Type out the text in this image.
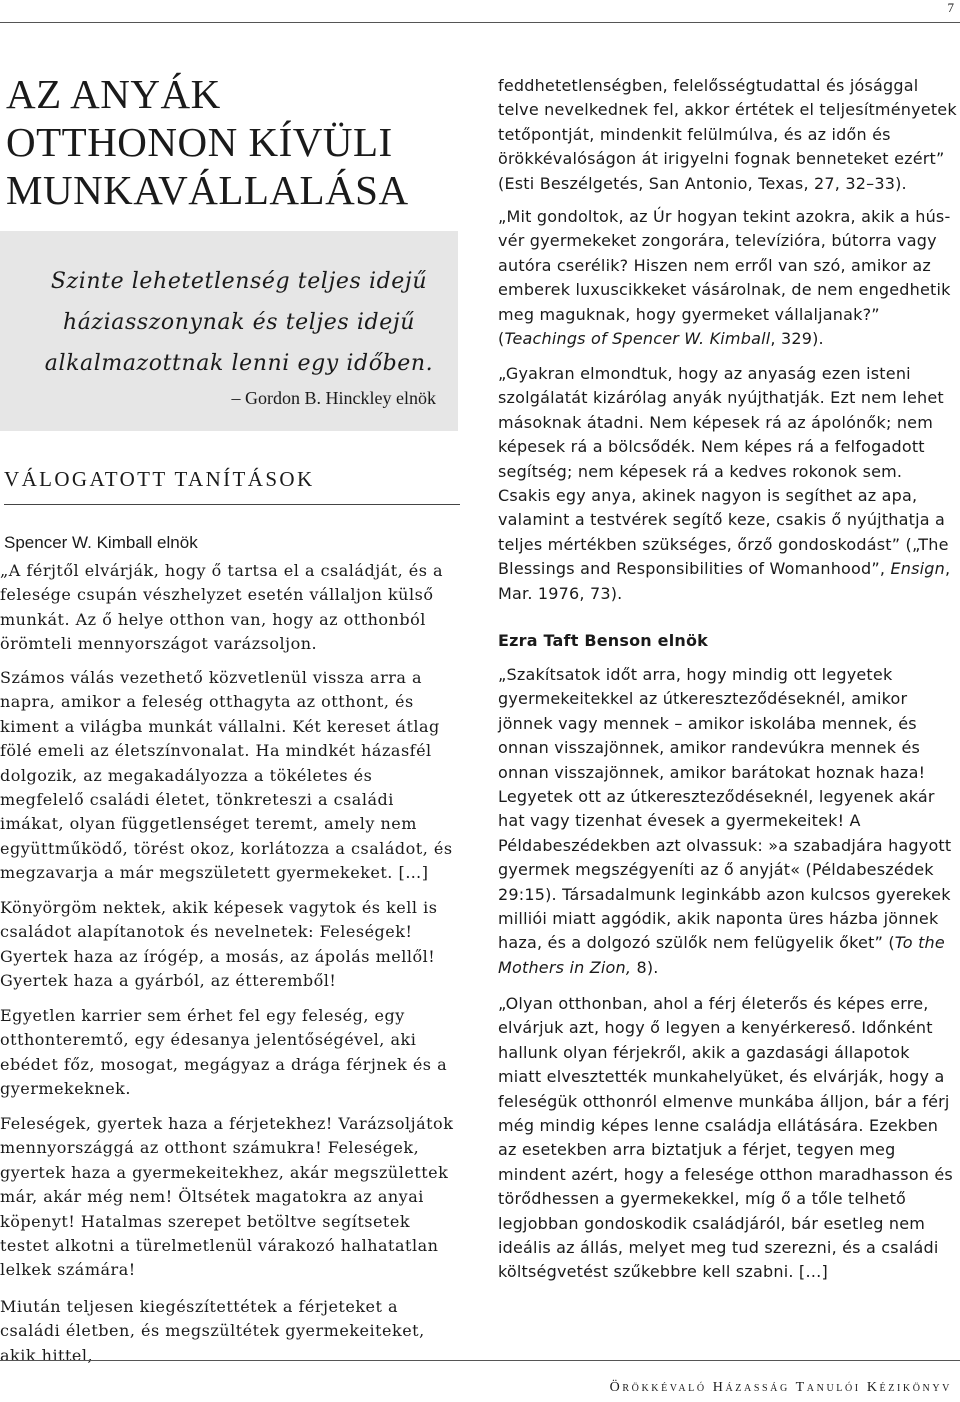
7
AZ ANYÁK OTTHONON KÍVÜLI MUNKAVÁLLALÁSA

Szinte lehetetlenség teljes idejű háziasszonynak és teljes idejű alkalmazottnak lenni egy időben.

– Gordon B. Hinckley elnök

VÁLOGATOTT TANÍTÁSOK

Spencer W. Kimball elnök

„A férjtől elvárják, hogy ő tartsa el a családját, és a felesége csupán vészhelyzet esetén vállaljon külső munkát. Az ő helye otthon van, hogy az otthonból örömteli mennyországot varázsoljon.

Számos válás vezethető közvetlenül vissza arra a napra, amikor a feleség otthagyta az otthont, és kiment a világba munkát vállalni. Két kereset átlag fölé emeli az életszínvonalat. Ha mindkét házasfél dolgozik, az megakadályozza a tökéletes és megfelelő családi életet, tönkreteszi a családi imákat, olyan függetlenséget teremt, amely nem együttműködő, törést okoz, korlátozza a családot, és megzavarja a már megszületett gyermekeket. […]

Könyörgöm nektek, akik képesek vagytok és kell is családot alapítanotok és nevelnetek: Feleségek! Gyertek haza az írógép, a mosás, az ápolás mellől! Gyertek haza a gyárból, az étteremből!

Egyetlen karrier sem érhet fel egy feleség, egy otthonteremtő, egy édesanya jelentőségével, aki ebédet főz, mosogat, megágyaz a drága férjnek és a gyermekeknek.

Feleségek, gyertek haza a férjetekhez! Varázsoljátok mennyországgá az otthont számukra! Feleségek, gyertek haza a gyermekeitekhez, akár megszülettek már, akár még nem! Öltsétek magatokra az anyai köpenyt! Hatalmas szerepet betöltve segítsetek testet alkotni a türelmetlenül várakozó halhatatlan lelkek számára!

Miután teljesen kiegészítettétek a férjeteket a családi életben, és megszültétek gyermekeiteket, akik hittel,

feddhetetlenségben, felelősségtudattal és jósággal telve nevelkednek fel, akkor értétek el teljesítményetek tetőpontját, mindenkit felülmúlva, és az időn és örökkévalóságon át irigyelni fognak benneteket ezért” (Esti Beszélgetés, San Antonio, Texas, 27, 32–33).

„Mit gondoltok, az Úr hogyan tekint azokra, akik a hús-vér gyermekeket zongorára, televízióra, bútorra vagy autóra cserélik? Hiszen nem erről van szó, amikor az emberek luxuscikkeket vásárolnak, de nem engedhetik meg maguknak, hogy gyermeket vállaljanak?” (Teachings of Spencer W. Kimball, 329).

„Gyakran elmondtuk, hogy az anyaság ezen isteni szolgálatát kizárólag anyák nyújthatják. Ezt nem lehet másoknak átadni. Nem képesek rá az ápolónők; nem képesek rá a bölcsődék. Nem képes rá a felfogadott segítség; nem képesek rá a kedves rokonok sem. Csakis egy anya, akinek nagyon is segíthet az apa, valamint a testvérek segítő keze, csakis ő nyújthatja a teljes mértékben szükséges, őrző gondoskodást” („The Blessings and Responsibilities of Womanhood”, Ensign, Mar. 1976, 73).

Ezra Taft Benson elnök

„Szakítsatok időt arra, hogy mindig ott legyetek gyermekeitekkel az útkereszteződéseknél, amikor jönnek vagy mennek – amikor iskolába mennek, és onnan visszajönnek, amikor randevúkra mennek és onnan visszajönnek, amikor barátokat hoznak haza! Legyetek ott az útkereszteződéseknél, legyenek akár hat vagy tizenhat évesek a gyermekeitek! A Példabeszédekben azt olvassuk: »a szabadjára hagyott gyermek megszégyeníti az ő anyját« (Példabeszédek 29:15). Társadalmunk leginkább azon kulcsos gyerekek milliói miatt aggódik, akik naponta üres házba jönnek haza, és a dolgozó szülők nem felügyelik őket” (To the Mothers in Zion, 8).

„Olyan otthonban, ahol a férj életerős és képes erre, elvárjuk azt, hogy ő legyen a kenyérkereső. Időnként hallunk olyan férjekről, akik a gazdasági állapotok miatt elvesztették munkahelyüket, és elvárják, hogy a feleségük otthonról elmenve munkába álljon, bár a férj még mindig képes lenne családja ellátására. Ezekben az esetekben arra biztatjuk a férjet, tegyen meg mindent azért, hogy a felesége otthon maradhasson és törődhessen a gyermekekkel, míg ő a tőle telhető legjobban gondoskodik családjáról, bár esetleg nem ideális az állás, melyet meg tud szerezni, és a családi költségvetést szűkebbre kell szabni. […]

Örökkévaló Házasság Tanulói Kézikönyv
